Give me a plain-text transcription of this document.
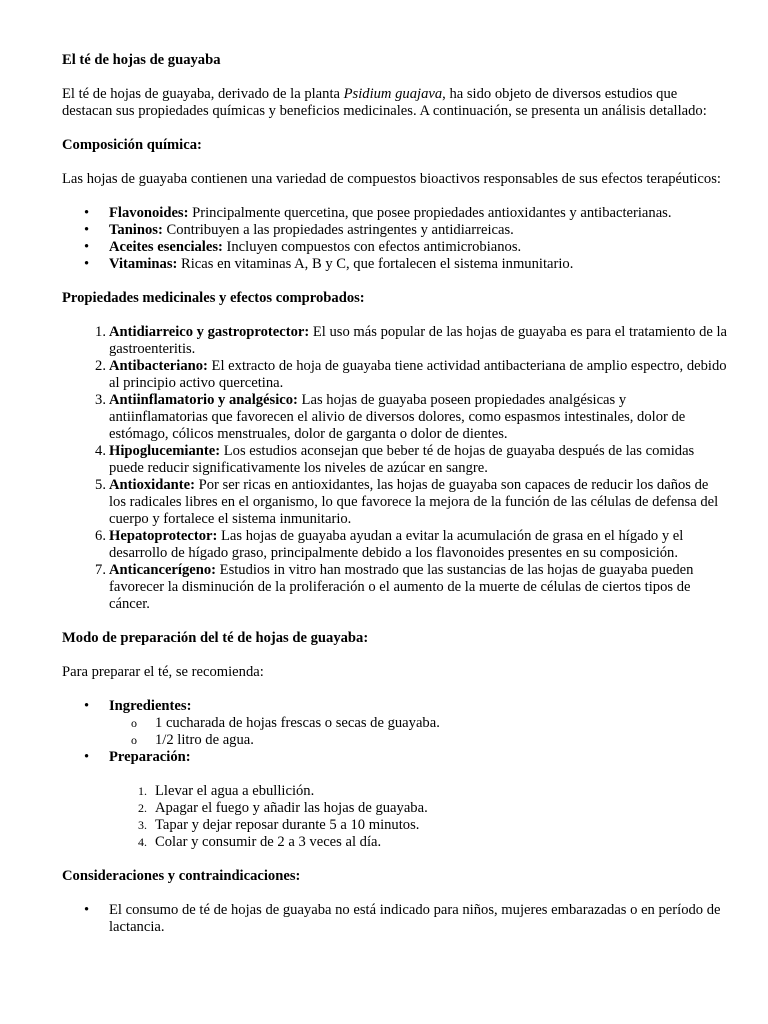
El té de hojas de guayaba

El té de hojas de guayaba, derivado de la planta Psidium guajava, ha sido objeto de diversos estudios que destacan sus propiedades químicas y beneficios medicinales. A continuación, se presenta un análisis detallado:

Composición química:

Las hojas de guayaba contienen una variedad de compuestos bioactivos responsables de sus efectos terapéuticos:

• Flavonoides: Principalmente quercetina, que posee propiedades antioxidantes y antibacterianas.
• Taninos: Contribuyen a las propiedades astringentes y antidiarreicas.
• Aceites esenciales: Incluyen compuestos con efectos antimicrobianos.
• Vitaminas: Ricas en vitaminas A, B y C, que fortalecen el sistema inmunitario.

Propiedades medicinales y efectos comprobados:

1. Antidiarreico y gastroprotector: El uso más popular de las hojas de guayaba es para el tratamiento de la gastroenteritis.
2. Antibacteriano: El extracto de hoja de guayaba tiene actividad antibacteriana de amplio espectro, debido al principio activo quercetina.
3. Antiinflamatorio y analgésico: Las hojas de guayaba poseen propiedades analgésicas y antiinflamatorias que favorecen el alivio de diversos dolores, como espasmos intestinales, dolor de estómago, cólicos menstruales, dolor de garganta o dolor de dientes.
4. Hipoglucemiante: Los estudios aconsejan que beber té de hojas de guayaba después de las comidas puede reducir significativamente los niveles de azúcar en sangre.
5. Antioxidante: Por ser ricas en antioxidantes, las hojas de guayaba son capaces de reducir los daños de los radicales libres en el organismo, lo que favorece la mejora de la función de las células de defensa del cuerpo y fortalece el sistema inmunitario.
6. Hepatoprotector: Las hojas de guayaba ayudan a evitar la acumulación de grasa en el hígado y el desarrollo de hígado graso, principalmente debido a los flavonoides presentes en su composición.
7. Anticancerígeno: Estudios in vitro han mostrado que las sustancias de las hojas de guayaba pueden favorecer la disminución de la proliferación o el aumento de la muerte de células de ciertos tipos de cáncer.

Modo de preparación del té de hojas de guayaba:

Para preparar el té, se recomienda:

• Ingredientes:
o 1 cucharada de hojas frescas o secas de guayaba.
o 1/2 litro de agua.
• Preparación:
1. Llevar el agua a ebullición.
2. Apagar el fuego y añadir las hojas de guayaba.
3. Tapar y dejar reposar durante 5 a 10 minutos.
4. Colar y consumir de 2 a 3 veces al día.

Consideraciones y contraindicaciones:

• El consumo de té de hojas de guayaba no está indicado para niños, mujeres embarazadas o en período de lactancia.
